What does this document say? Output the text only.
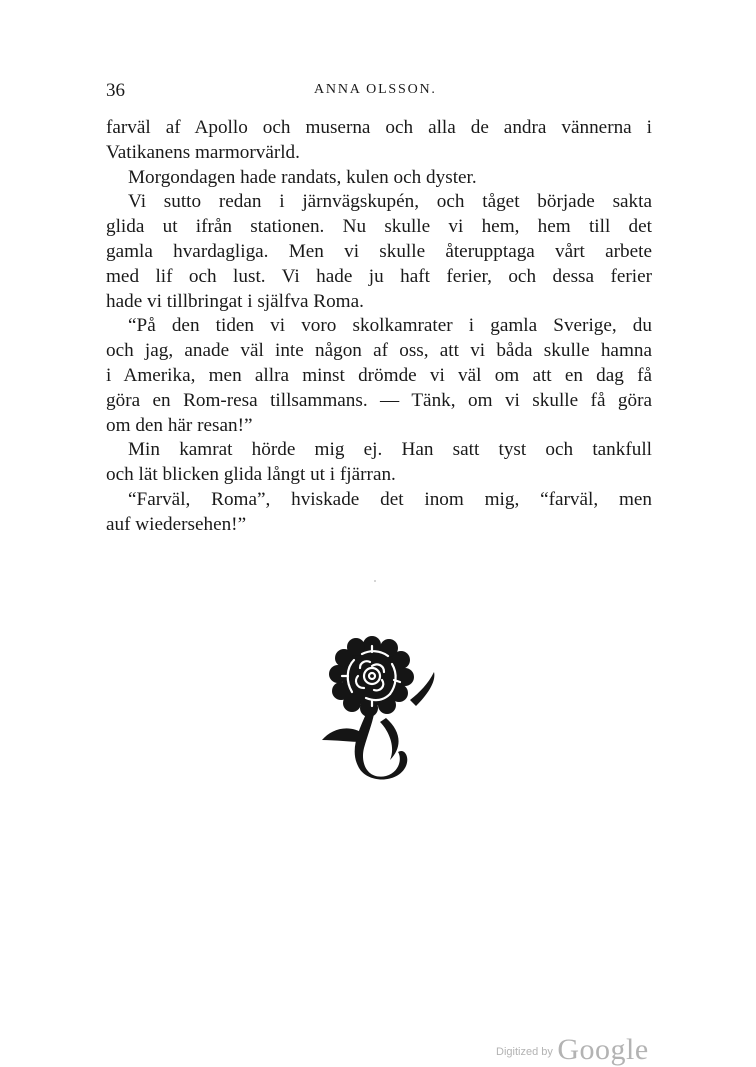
36	ANNA OLSSON.
farväl af Apollo och muserna och alla de andra vännerna i
Vatikanens marmorvärld.
Morgondagen hade randats, kulen och dyster.
Vi sutto redan i järnvägskupén, och tåget började sakta
glida ut ifrån stationen. Nu skulle vi hem, hem till det
gamla hvardagliga. Men vi skulle återupptaga vårt arbete
med lif och lust. Vi hade ju haft ferier, och dessa ferier
hade vi tillbringat i själfva Roma.
“På den tiden vi voro skolkamrater i gamla Sverige, du
och jag, anade väl inte någon af oss, att vi båda skulle hamna
i Amerika, men allra minst drömde vi väl om att en dag få
göra en Rom-resa tillsammans. — Tänk, om vi skulle få göra
om den här resan!”
Min kamrat hörde mig ej. Han satt tyst och tankfull
och lät blicken glida långt ut i fjärran.
“Farväl, Roma”, hviskade det inom mig, “farväl, men
auf wiedersehen!”
$^{Digitized by}$ Google
